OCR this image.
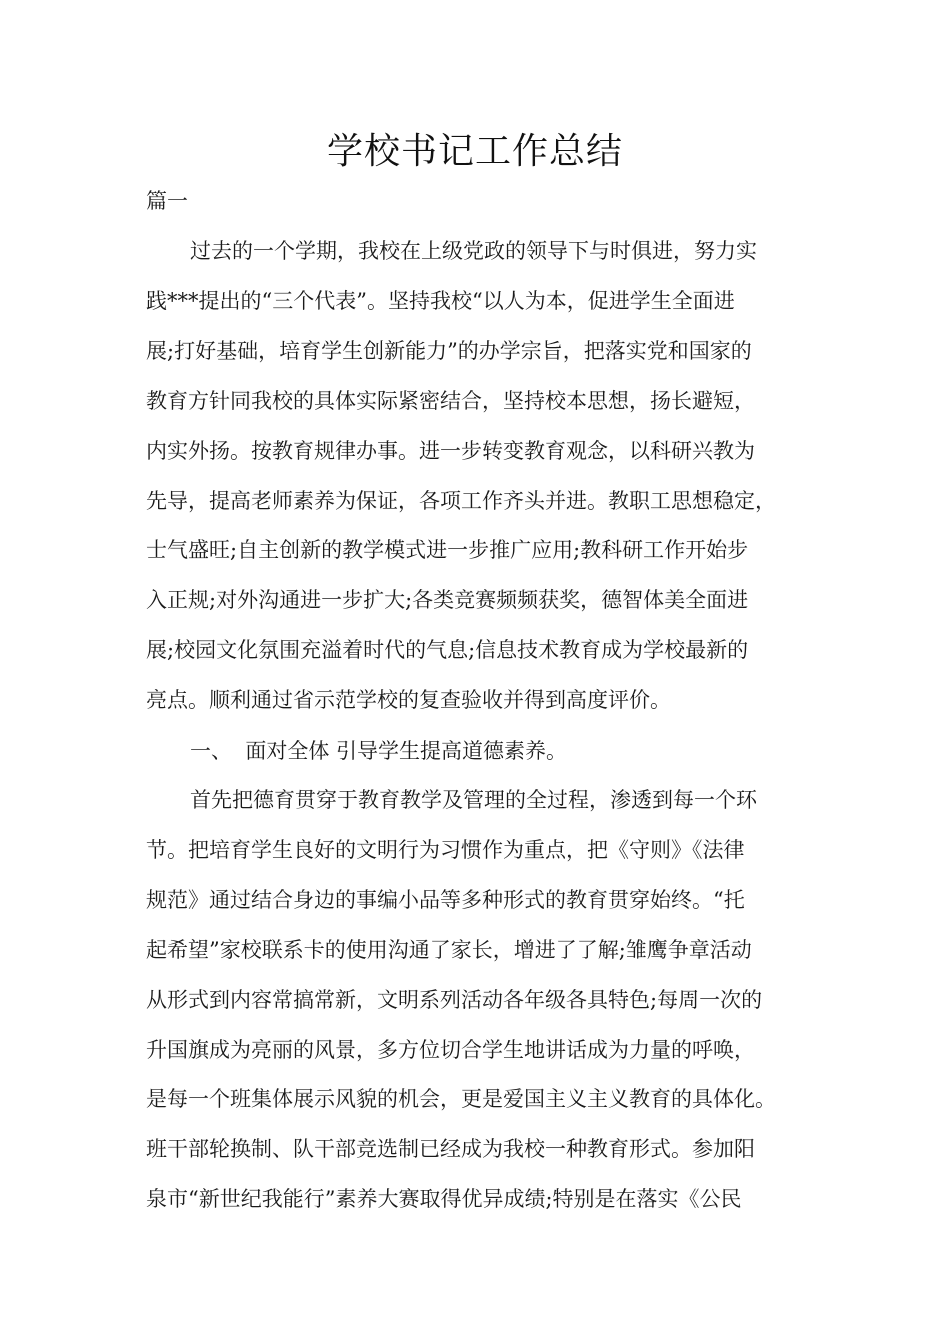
学校书记工作总结
篇一
过去的一个学期，我校在上级党政的领导下与时俱进，努力实
践***提出的“三个代表”。坚持我校“以人为本，促进学生全面进
展;打好基础，培育学生创新能力”的办学宗旨，把落实党和国家的
教育方针同我校的具体实际紧密结合，坚持校本思想，扬长避短，
内实外扬。按教育规律办事。进一步转变教育观念，以科研兴教为
先导，提高老师素养为保证，各项工作齐头并进。教职工思想稳定，
士气盛旺;自主创新的教学模式进一步推广应用;教科研工作开始步
入正规;对外沟通进一步扩大;各类竞赛频频获奖，德智体美全面进
展;校园文化氛围充溢着时代的气息;信息技术教育成为学校最新的
亮点。顺利通过省示范学校的复查验收并得到高度评价。
一、  面对全体 引导学生提高道德素养。
首先把德育贯穿于教育教学及管理的全过程，渗透到每一个环
节。把培育学生良好的文明行为习惯作为重点，把《守则》《法律
规范》通过结合身边的事编小品等多种形式的教育贯穿始终。“托
起希望”家校联系卡的使用沟通了家长，增进了了解;雏鹰争章活动
从形式到内容常搞常新，文明系列活动各年级各具特色;每周一次的
升国旗成为亮丽的风景，多方位切合学生地讲话成为力量的呼唤，
是每一个班集体展示风貌的机会，更是爱国主义主义教育的具体化。
班干部轮换制、队干部竞选制已经成为我校一种教育形式。参加阳
泉市“新世纪我能行”素养大赛取得优异成绩;特别是在落实《公民
